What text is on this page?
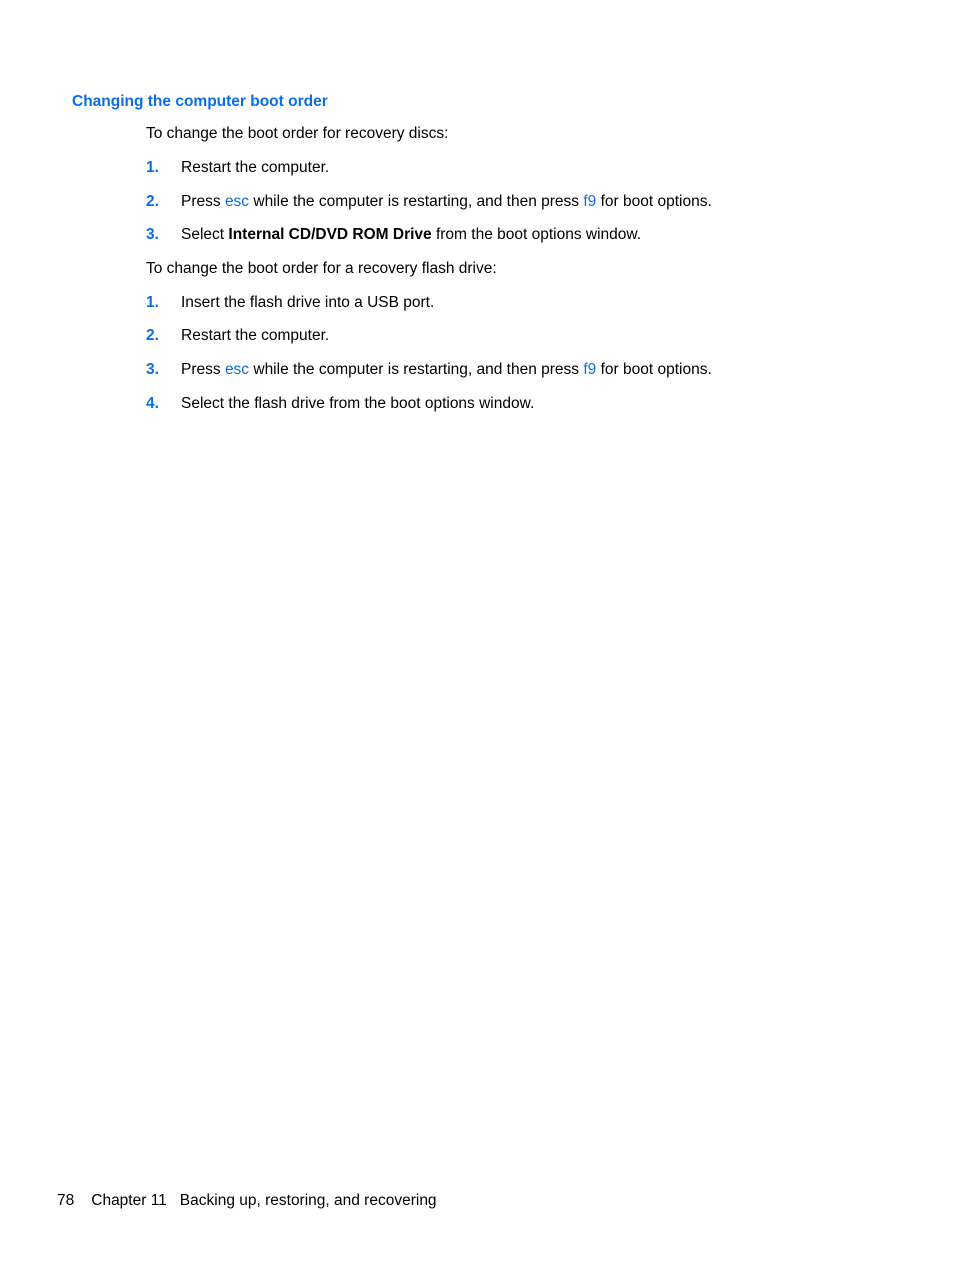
Changing the computer boot order

To change the boot order for recovery discs:

1. Restart the computer.
2. Press esc while the computer is restarting, and then press f9 for boot options.
3. Select Internal CD/DVD ROM Drive from the boot options window.

To change the boot order for a recovery flash drive:

1. Insert the flash drive into a USB port.
2. Restart the computer.
3. Press esc while the computer is restarting, and then press f9 for boot options.
4. Select the flash drive from the boot options window.
78 Chapter 11 Backing up, restoring, and recovering
